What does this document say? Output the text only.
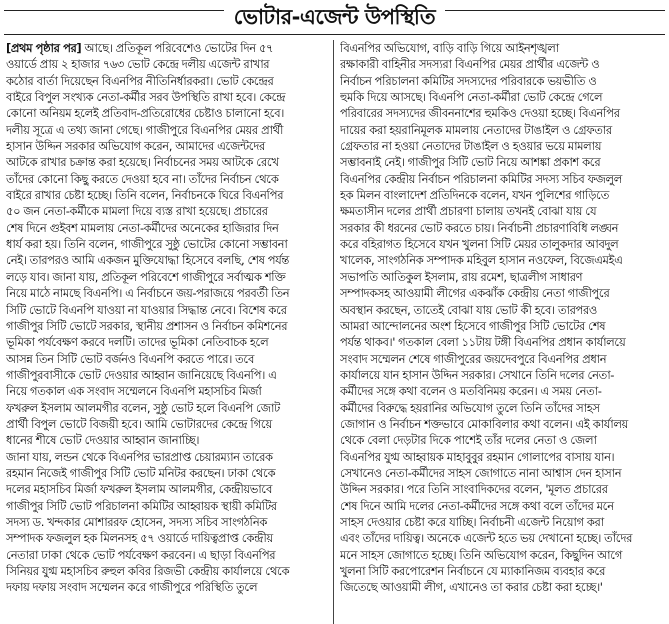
ভোটার-এজেন্ট উপস্থিতি
[প্রথম পৃষ্ঠার পর] আছে। প্রতিকূল পরিবেশেও ভোটের দিন ৫৭
ওয়ার্ডে প্রায় ২ হাজার ৭৬৩ ভোট কেন্দ্রে দলীয় এজেন্ট রাখার
কঠোর বার্তা দিয়েছেন বিএনপির নীতিনির্ধারকরা। ভোট কেন্দ্রের
বাইরে বিপুল সংখ্যক নেতা-কর্মীর সরব উপস্থিতি রাখা হবে। কেন্দ্রে
কোনো অনিয়ম হলেই প্রতিবাদ-প্রতিরোধের চেষ্টাও চালানো হবে।
দলীয় সূত্রে এ তথ্য জানা গেছে। গাজীপুরে বিএনপির মেয়র প্রার্থী
হাসান উদ্দিন সরকার অভিযোগ করেন, আমাদের এজেন্টদের
আটকে রাখার চক্রান্ত করা হয়েছে। নির্বাচনের সময় আটকে রেখে
তাঁদের কোনো কিছু করতে দেওয়া হবে না। তাঁদের নির্বাচন থেকে
বাইরে রাখার চেষ্টা হচ্ছে। তিনি বলেন, নির্বাচনকে ঘিরে বিএনপির
৫০ জন নেতা-কর্মীকে মামলা দিয়ে ব্যস্ত রাখা হয়েছে। প্রচারের
শেষ দিনে গুইবশ মামলায় নেতা-কর্মীদের অনেকের হাজিরার দিন
ধার্য করা হয়। তিনি বলেন, গাজীপুরে সুষ্ঠু ভোটের কোনো সম্ভাবনা
নেই। তারপরও আমি একজন মুক্তিযোদ্ধা হিসেবে বলছি, শেষ পর্যন্ত
লড়ে যাব। জানা যায়, প্রতিকূল পরিবেশে গাজীপুরে সর্বাত্মক শক্তি
নিয়ে মাঠে নামছে বিএনপি। এ নির্বাচনে জয়-পরাজয়ে পরবর্তী তিন
সিটি ভোটে বিএনপি যাওয়া না যাওয়ার সিদ্ধান্ত নেবে। বিশেষ করে
গাজীপুর সিটি ভোটে সরকার, স্থানীয় প্রশাসন ও নির্বাচন কমিশনের
ভূমিকা পর্যবেক্ষণ করবে দলটি। তাদের ভূমিকা নেতিবাচক হলে
আসন্ন তিন সিটি ভোট বর্জনও বিএনপি করতে পারে। তবে
গাজীপুরবাসীকে ভোট দেওয়ার আহ্বান জানিয়েছে বিএনপি। এ
নিয়ে গতকাল এক সংবাদ সম্মেলনে বিএনপি মহাসচিব মির্জা
ফখরুল ইসলাম আলমগীর বলেন, সুষ্ঠু ভোট হলে বিএনপি জোট
প্রার্থী বিপুল ভোটে বিজয়ী হবে। আমি ভোটারদের কেন্দ্রে গিয়ে
ধানের শীষে ভোট দেওয়ার আহ্বান জানাচ্ছি।
জানা যায়, লন্ডন থেকে বিএনপির ভারপ্রাপ্ত চেয়ারম্যান তারেক
রহমান নিজেই গাজীপুর সিটি ভোট মনিটর করছেন। ঢাকা থেকে
দলের মহাসচিব মির্জা ফখরুল ইসলাম আলমগীর, কেন্দ্রীয়ভাবে
গাজীপুর সিটি ভোট পরিচালনা কমিটির আহ্বায়ক স্থায়ী কমিটির
সদস্য ড. খন্দকার মোশাররফ হোসেন, সদস্য সচিব সাংগঠনিক
সম্পাদক ফজলুল হক মিলনসহ ৫৭ ওয়ার্ডে দায়িত্বপ্রাপ্ত কেন্দ্রীয়
নেতারা ঢাকা থেকে ভোট পর্যবেক্ষণ করবেন। এ ছাড়া বিএনপির
সিনিয়র যুগ্ম মহাসচিব রুহুল কবির রিজভী কেন্দ্রীয় কার্যালয়ে থেকে
দফায় দফায় সংবাদ সম্মেলন করে গাজীপুরে পরিস্থিতি তুলে
বিএনপির অভিযোগ, বাড়ি বাড়ি গিয়ে আইনশৃঙ্খলা
রক্ষাকারী বাহিনীর সদস্যরা বিএনপির মেয়র প্রার্থীর এজেন্ট ও
নির্বাচন পরিচালনা কমিটির সদস্যদের পরিবারকে ভয়ভীতি ও
হুমকি দিয়ে আসছে। বিএনপি নেতা-কর্মীরা ভোট কেন্দ্রে গেলে
পরিবারের সদস্যদের জীবননাশের হুমকিও দেওয়া হচ্ছে। বিএনপির
দায়ের করা হয়রানিমূলক মামলায় নেতাদের টাঙাইল ও গ্রেফতার
গ্রেফতার না হওয়া নেতাদের টাঙাইল ও হওয়ার ভয়ে মামলায়
সম্ভাবনাই নেই। গাজীপুর সিটি ভোট নিয়ে আশঙ্কা প্রকাশ করে
বিএনপির কেন্দ্রীয় নির্বাচন পরিচালনা কমিটির সদস্য সচিব ফজলুল
হক মিলন বাংলাদেশ প্রতিদিনকে বলেন, যখন পুলিশের গাড়িতে
ক্ষমতাসীন দলের প্রার্থী প্রচারণা চালায় তখনই বোঝা যায় যে
সরকার কী ধরনের ভোট করতে চায়। নির্বাচনী প্রচারণাবিধি লঙ্ঘন
করে বহিরাগত হিসেবে যখন খুলনা সিটি মেয়র তালুকদার আবদুল
খালেক, সাংগঠনিক সম্পাদক মহিবুল হাসান নওফেল, বিজেএমইএ
সভাপতি আতিকুল ইসলাম, রায় রমেশ, ছাত্রলীগ সাধারণ
সম্পাদকসহ আওয়ামী লীগের একঝাঁক কেন্দ্রীয় নেতা গাজীপুরে
অবস্থান করছেন, তাতেই বোঝা যায় ভোট কী হবে। তারপরও
আমরা আন্দোলনের অংশ হিসেবে গাজীপুর সিটি ভোটের শেষ
পর্যন্ত থাকব।' গতকাল বেলা ১১টায় টঙ্গী বিএনপির প্রধান কার্যালয়ে
সংবাদ সম্মেলন শেষে গাজীপুরের জয়দেবপুরে বিএনপির প্রধান
কার্যালয়ে যান হাসান উদ্দিন সরকার। সেখানে তিনি দলের নেতা-
কর্মীদের সঙ্গে কথা বলেন ও মতবিনিময় করেন। এ সময় নেতা-
কর্মীদের বিরুদ্ধে হয়রানির অভিযোগ তুলে তিনি তাঁদের সাহস
জোগান ও নির্বাচন শক্তভাবে মোকাবিলার কথা বলেন। এই কার্যালয়
থেকে বেলা দেড়টার দিকে পাশেই তাঁর দলের নেতা ও জেলা
বিএনপির যুগ্ম আহ্বায়ক মাহাবুবুর রহমান গোলাপের বাসায় যান।
সেখানেও নেতা-কর্মীদের সাহস জোগাতে নানা আশ্বাস দেন হাসান
উদ্দিন সরকার। পরে তিনি সাংবাদিকদের বলেন, 'মূলত প্রচারের
শেষ দিনে আমি দলের নেতা-কর্মীদের সঙ্গে কথা বলে তাঁদের মনে
সাহস দেওয়ার চেষ্টা করে যাচ্ছি। নির্বাচনী এজেন্ট নিয়োগ করা
এবং তাঁদের দায়িত্ব। অনেকে এজেন্ট হতে ভয় দেখানো হচ্ছে। তাঁদের
মনে সাহস জোগাতে হচ্ছে। তিনি অভিযোগ করেন, কিছুদিন আগে
খুলনা সিটি করপোরেশন নির্বাচনে যে ম্যাকানিজম ব্যবহার করে
জিতেছে আওয়ামী লীগ, এখানেও তা করার চেষ্টা করা হচ্ছে।'
